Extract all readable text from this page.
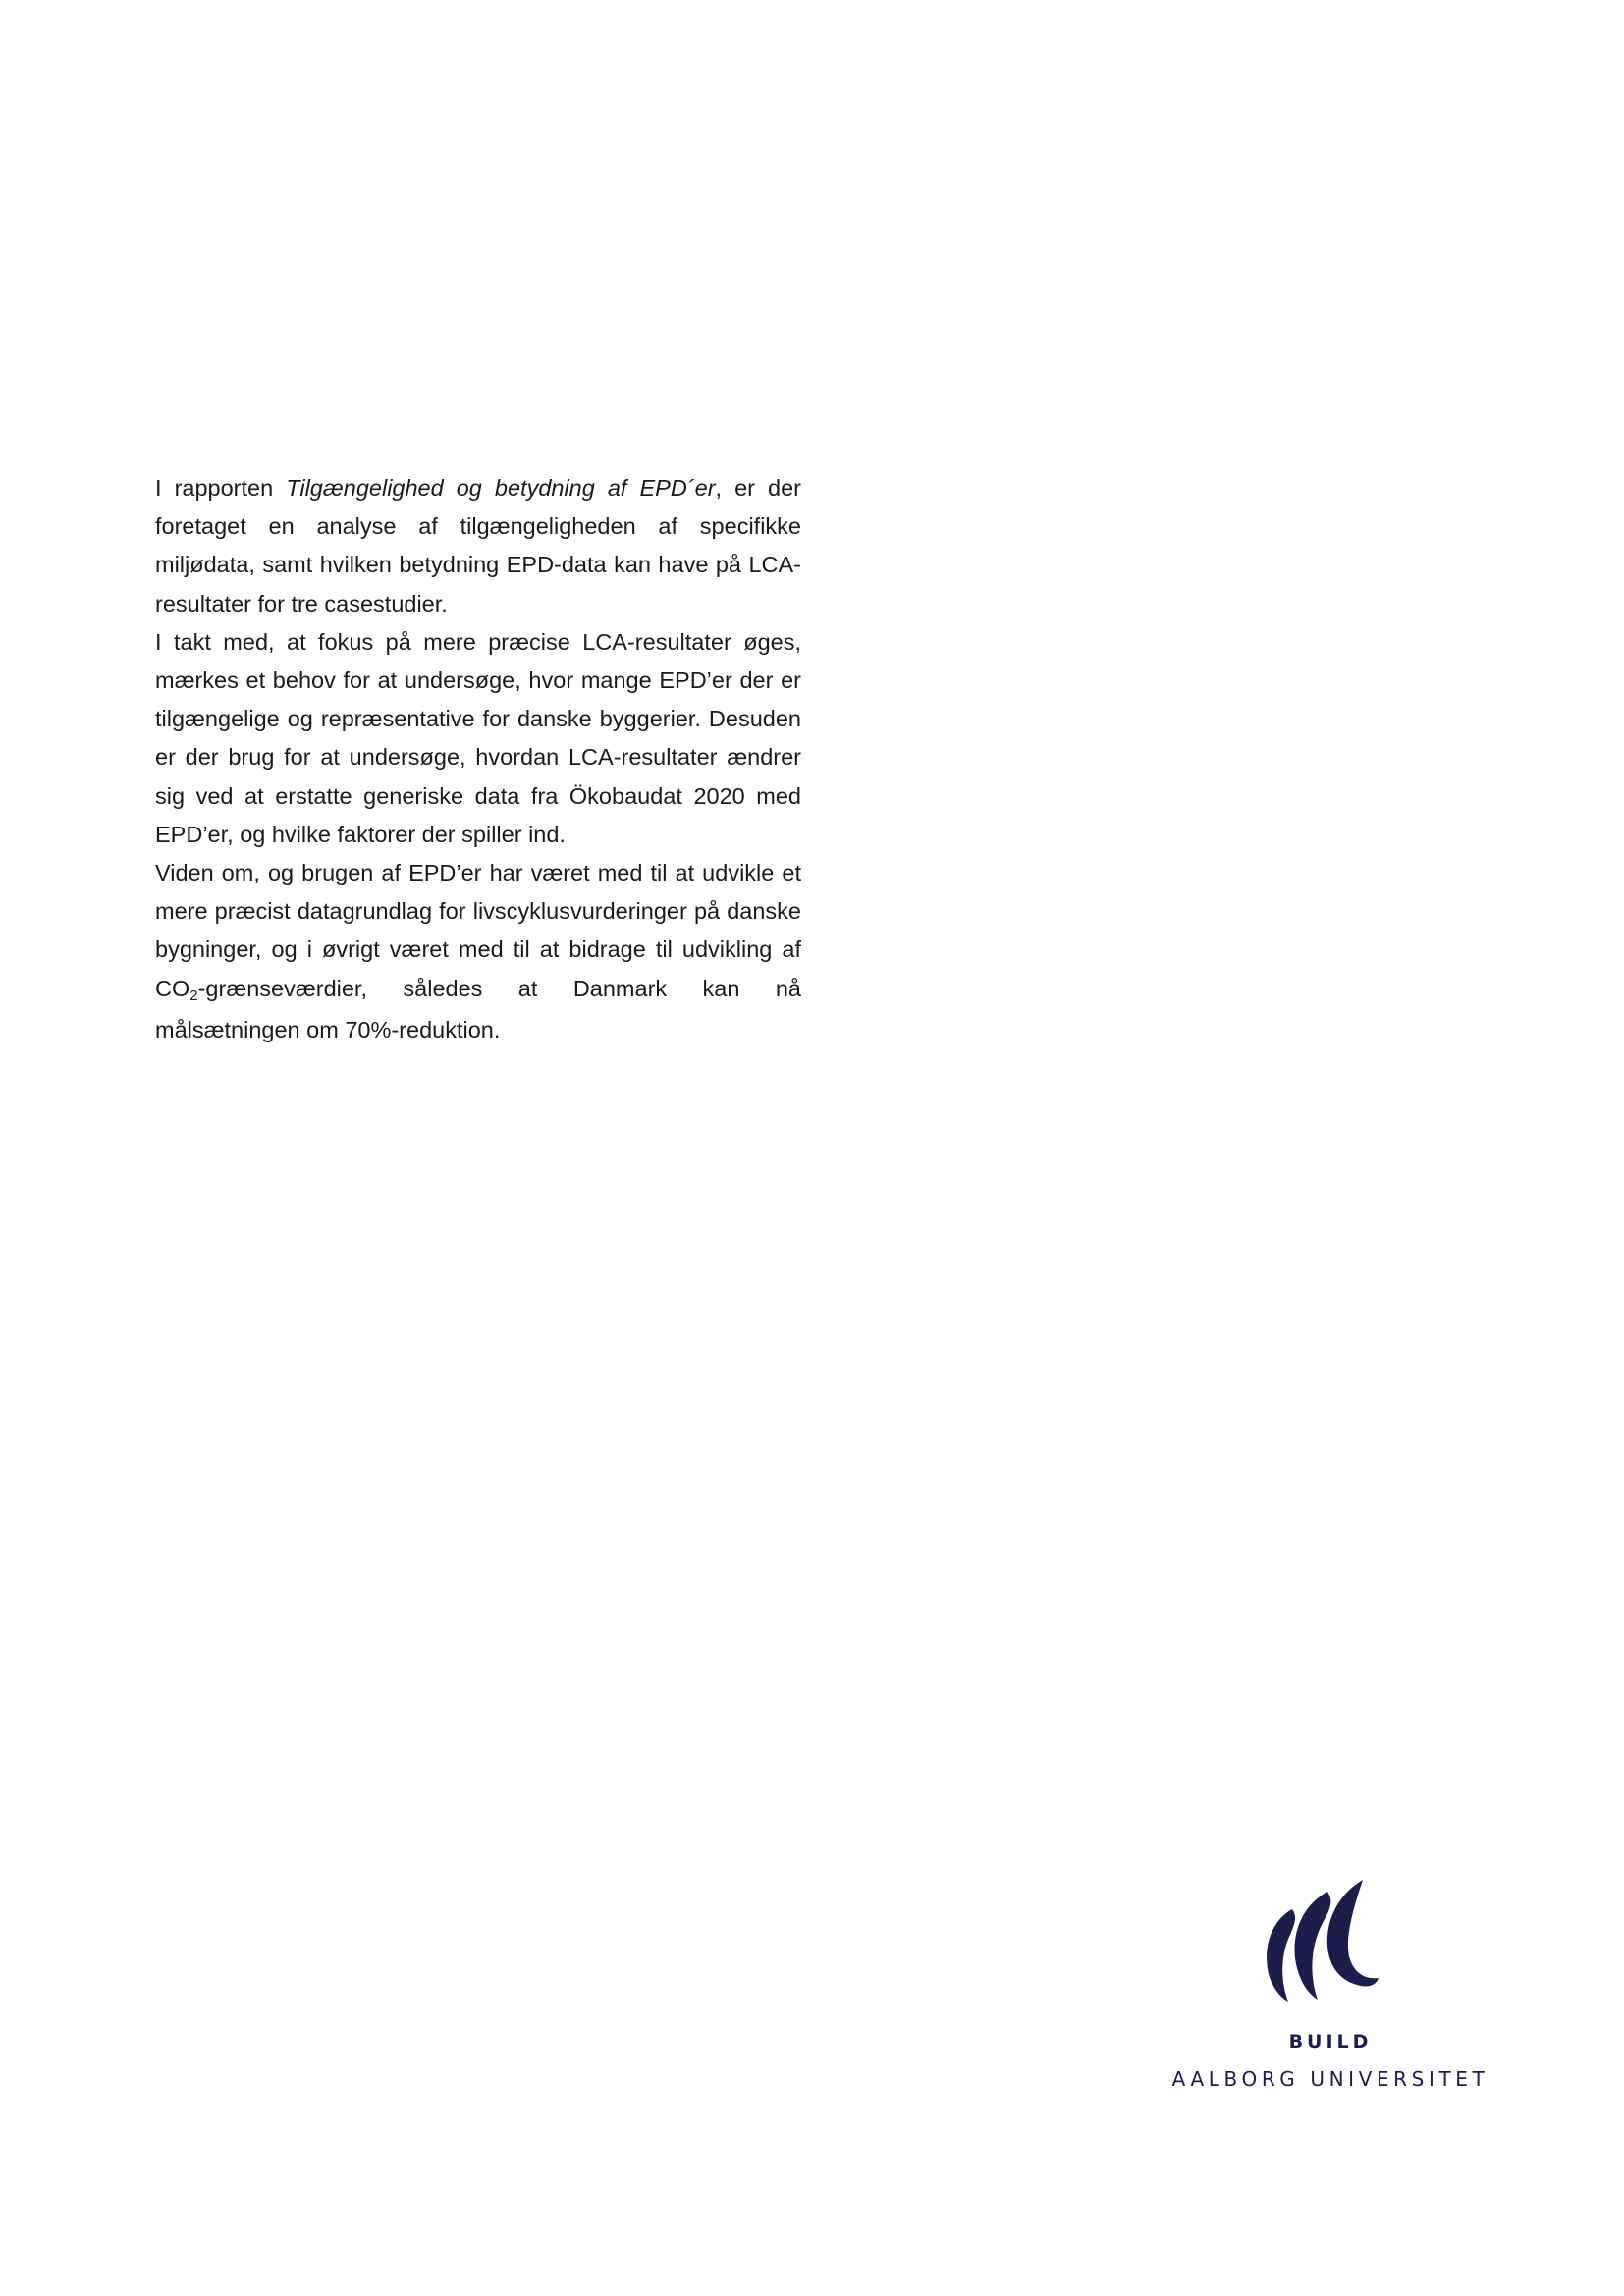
I rapporten Tilgængelighed og betydning af EPD´er, er der foretaget en analyse af tilgængeligheden af specifikke miljødata, samt hvilken betydning EPD-data kan have på LCA-resultater for tre casestudier.

I takt med, at fokus på mere præcise LCA-resultater øges, mærkes et behov for at undersøge, hvor mange EPD’er der er tilgængelige og repræsentative for danske byggerier. Desuden er der brug for at undersøge, hvordan LCA-resultater ændrer sig ved at erstatte generiske data fra Ökobaudat 2020 med EPD’er, og hvilke faktorer der spiller ind.

Viden om, og brugen af EPD’er har været med til at udvikle et mere præcist datagrundlag for livscyklusvurderinger på danske bygninger, og i øvrigt været med til at bidrage til udvikling af CO2-grænseværdier, således at Danmark kan nå målsætningen om 70%-reduktion.

BUILD
AALBORG UNIVERSITET
